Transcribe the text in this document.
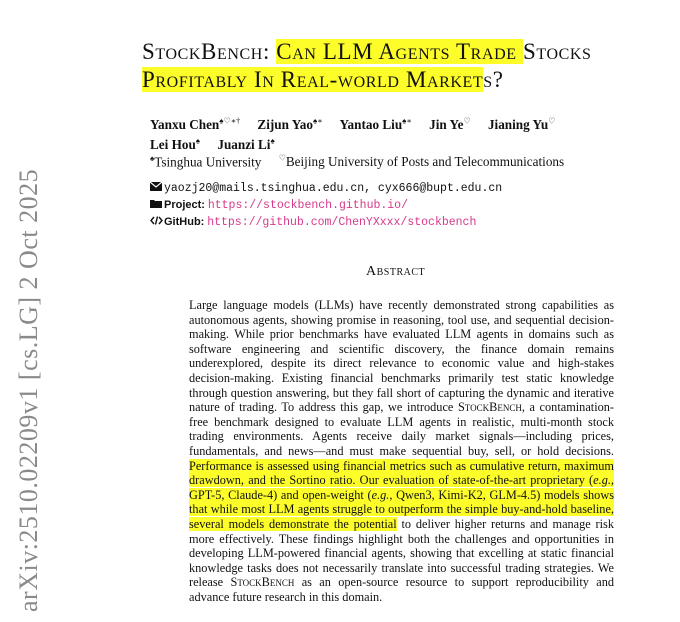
arXiv:2510.02209v1 [cs.LG] 2 Oct 2025
StockBench: Can LLM Agents Trade Stocks
Profitably In Real-world Markets?
Yanxu Chen♠♡∗† Zijun Yao♠∗ Yantao Liu♠∗ Jin Ye♡ Jianing Yu♡
Lei Hou♠ Juanzi Li♠
♠Tsinghua University ♡Beijing University of Posts and Telecommunications
yaozj20@mails.tsinghua.edu.cn, cyx666@bupt.edu.cn
Project: https://stockbench.github.io/
GitHub: https://github.com/ChenYXxxx/stockbench
Abstract

Large language models (LLMs) have recently demonstrated strong capabilities as autonomous agents, showing promise in reasoning, tool use, and sequential decision-making. While prior benchmarks have evaluated LLM agents in domains such as software engineering and scientific discovery, the finance domain remains underexplored, despite its direct relevance to economic value and high-stakes decision-making. Existing financial benchmarks primarily test static knowledge through question answering, but they fall short of capturing the dynamic and iterative nature of trading. To address this gap, we introduce StockBench, a contamination-free benchmark designed to evaluate LLM agents in realistic, multi-month stock trading environments. Agents receive daily market signals—including prices, fundamentals, and news—and must make sequential buy, sell, or hold decisions. Performance is assessed using financial metrics such as cumulative return, maximum drawdown, and the Sortino ratio. Our evaluation of state-of-the-art proprietary (e.g., GPT-5, Claude-4) and open-weight (e.g., Qwen3, Kimi-K2, GLM-4.5) models shows that while most LLM agents struggle to outperform the simple buy-and-hold baseline, several models demonstrate the potential to deliver higher returns and manage risk more effectively. These findings highlight both the challenges and opportunities in developing LLM-powered financial agents, showing that excelling at static financial knowledge tasks does not necessarily translate into successful trading strategies. We release StockBench as an open-source resource to support reproducibility and advance future research in this domain.
